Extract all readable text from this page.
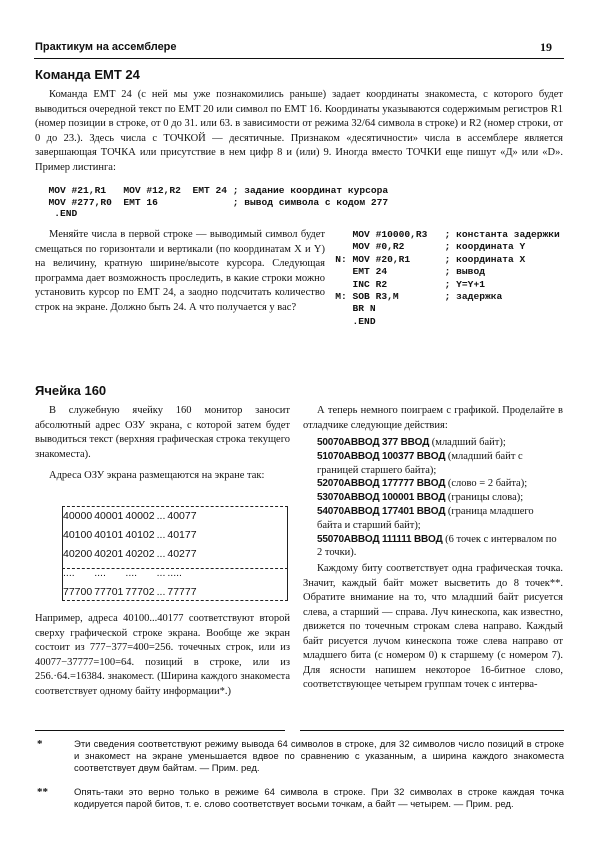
Практикум на ассемблере	19
Команда EMT 24

Команда EMT 24 (с ней мы уже познакомились раньше) задает координаты знакоместа, с которого будет выводиться очередной текст по EMT 20 или символ по EMT 16. Координаты указываются содержимым регистров R1 (номер позиции в строке, от 0 до 31. или 63. в зависимости от режима 32/64 символа в строке) и R2 (номер строки, от 0 до 23.). Здесь числа с ТОЧКОЙ — десятичные. Признаком «десятичности» числа в ассемблере является завершающая ТОЧКА или присутствие в нем цифр 8 и (или) 9. Иногда вместо ТОЧКИ еще пишут «Д» или «D». Пример листинга:

MOV #21,R1   MOV #12,R2  EMT 24 ; задание координат курсора
MOV #277,R0  EMT 16             ; вывод символа с кодом 277
.END

Меняйте числа в первой строке — выводимый символ будет смещаться по горизонтали и вертикали (по координатам X и Y) на величину, кратную ширине/высоте курсора. Следующая программа дает возможность проследить, в какие строки можно установить курсор по EMT 24, а заодно подсчитать количество строк на экране. Должно быть 24. А что получается у вас?

MOV #10000,R3   ; константа задержки
MOV #0,R2       ; координата Y
N: MOV #20,R1      ; координата X
EMT 24          ; вывод
INC R2          ; Y=Y+1
M: SOB R3,M        ; задержка
BR N
.END
Ячейка 160

В служебную ячейку 160 монитор заносит абсолютный адрес ОЗУ экрана, с которой затем будет выводиться текст (верхняя графическая строка текущего знакоместа).

Адреса ОЗУ экрана размещаются на экране так:

40000	40001	40002	...	40077
40100	40101	40102	...	40177
40200	40201	40202	...	40277
....	....	....	...	.....
77700	77701	77702	...	77777

Например, адреса 40100...40177 соответствуют второй сверху графической строке экрана. Вообще же экран состоит из 777−377=400=256. точечных строк, или из 40077−37777=100=64. позиций в строке, или из 256.·64.=16384. знакомест. (Ширина каждого знакоместа соответствует одному байту информации*.)

А теперь немного поиграем с графикой. Проделайте в отладчике следующие действия:

50070ABBOД 377 BBOД (младший байт);
51070ABBOД 100377 BBOД (младший байт с границей старшего байта);
52070ABBOД 177777 BBOД (слово = 2 байта);
53070ABBOД 100001 BBOД (границы слова);
54070ABBOД 177401 BBOД (граница младшего байта и старший байт);
55070ABBOД 111111 BBOД (6 точек с интервалом по 2 точки).

Каждому биту соответствует одна графическая точка. Значит, каждый байт может высветить до 8 точек**. Обратите внимание на то, что младший байт рисуется слева, а старший — справа. Луч кинескопа, как известно, движется по точечным строкам слева направо. Каждый байт рисуется лучом кинескопа тоже слева направо от младшего бита (с номером 0) к старшему (с номером 7). Для ясности напишем некоторое 16-битное слово, соответствующее четырем группам точек с интерва-

*	Эти сведения соответствуют режиму вывода 64 символов в строке, для 32 символов число позиций в строке и знакомест на экране уменьшается вдвое по сравнению с указанным, а ширина каждого знакоместа соответствует двум байтам. — Прим. ред.

**	Опять-таки это верно только в режиме 64 символа в строке. При 32 символах в строке каждая точка кодируется парой битов, т. е. слово соответствует восьми точкам, а байт — четырем. — Прим. ред.
